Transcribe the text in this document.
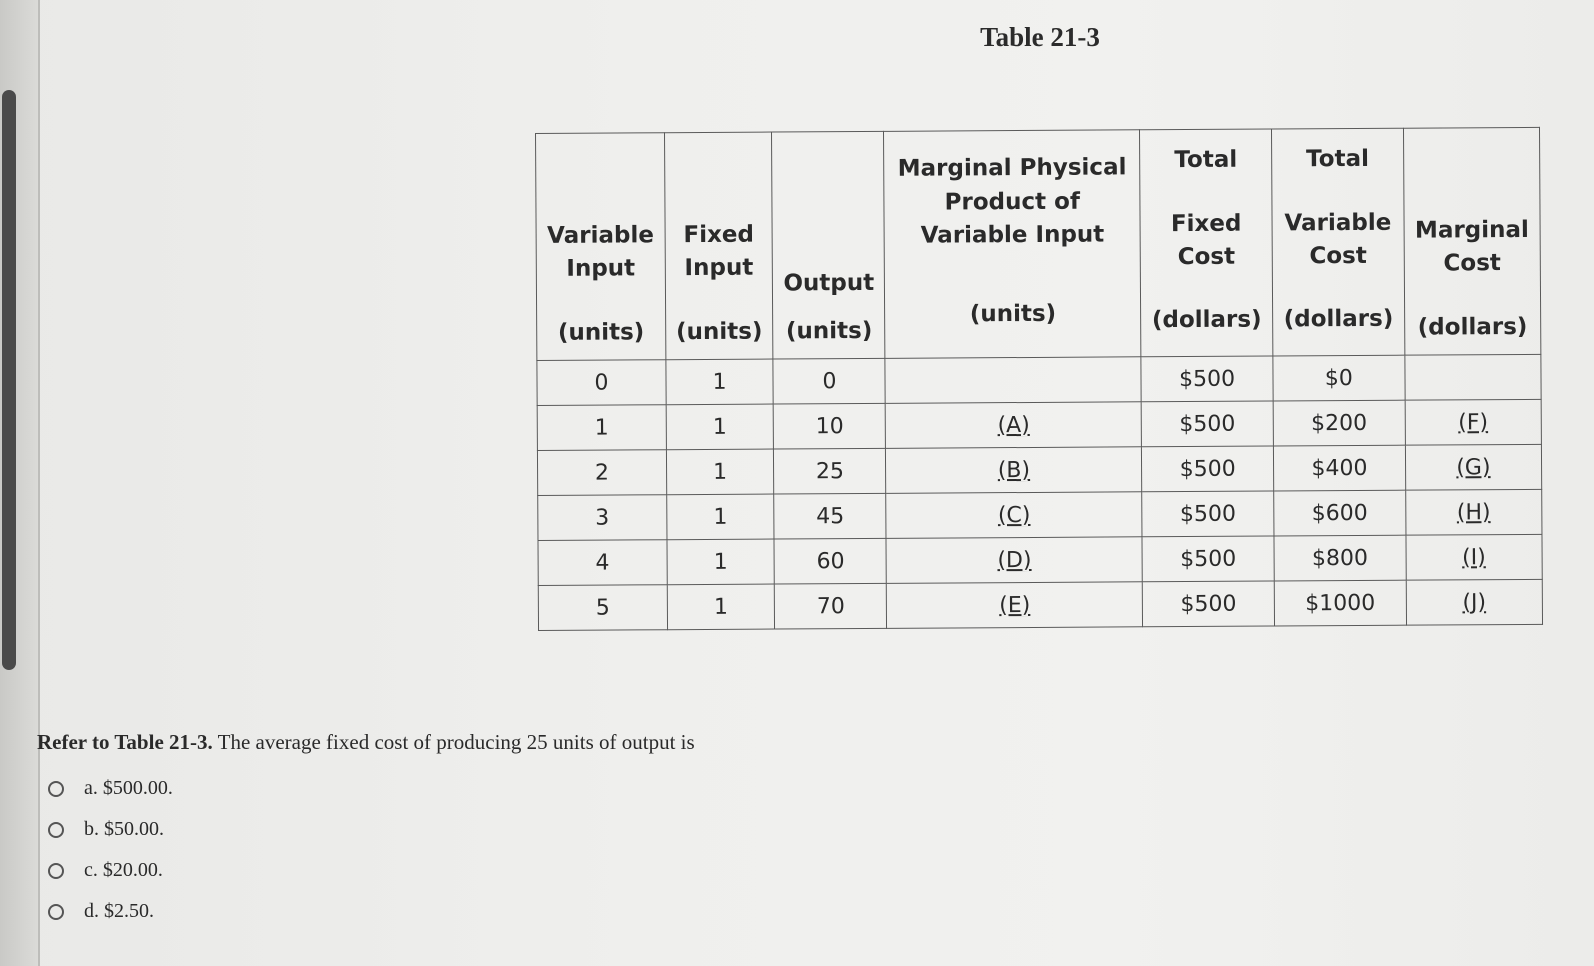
Table 21-3
Variable
Input
(units)	Fixed
Input
(units)	Output
(units)	Marginal Physical
Product of
Variable Input
(units)	Total
Fixed
Cost
(dollars)	Total
Variable
Cost
(dollars)	Marginal
Cost
(dollars)

0	1	0		$500	$0	
1	1	10	(A)	$500	$200	(F)
2	1	25	(B)	$500	$400	(G)
3	1	45	(C)	$500	$600	(H)
4	1	60	(D)	$500	$800	(I)
5	1	70	(E)	$500	$1000	(J)
Refer to Table 21-3. The average fixed cost of producing 25 units of output is
a. $500.00.
b. $50.00.
c. $20.00.
d. $2.50.
